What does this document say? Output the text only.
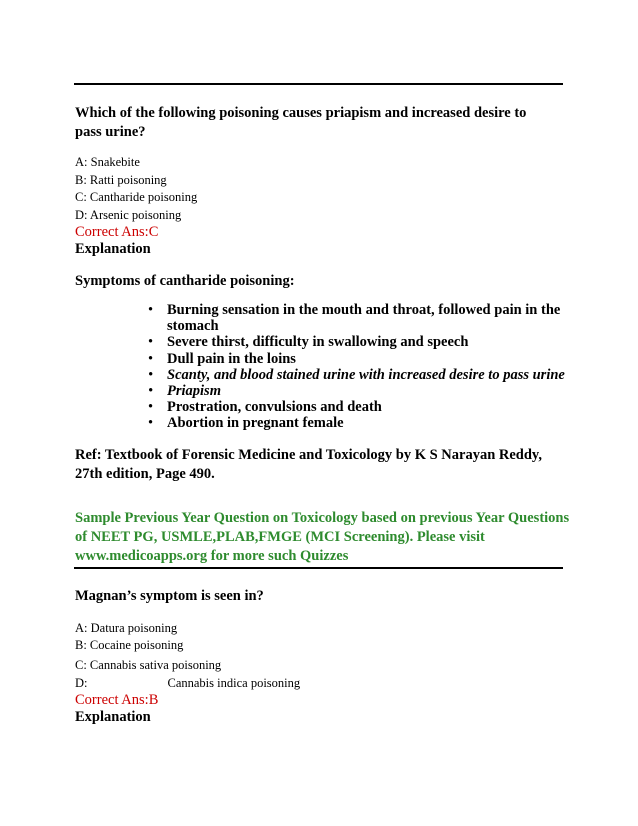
Which of the following poisoning causes priapism and increased desire to pass urine?
A: Snakebite
B: Ratti poisoning
C: Cantharide poisoning
D: Arsenic poisoning
Correct Ans:C
Explanation
Symptoms of cantharide poisoning:
• Burning sensation in the mouth and throat, followed pain in the stomach
• Severe thirst, difficulty in swallowing and speech
• Dull pain in the loins
• Scanty, and blood stained urine with increased desire to pass urine
• Priapism
• Prostration, convulsions and death
• Abortion in pregnant female
Ref: Textbook of Forensic Medicine and Toxicology by K S Narayan Reddy, 27th edition, Page 490.
Sample Previous Year Question on Toxicology based on previous Year Questions of NEET PG, USMLE,PLAB,FMGE (MCI Screening). Please visit www.medicoapps.org for more such Quizzes
Magnan’s symptom is seen in?
A: Datura poisoning
B: Cocaine poisoning
C: Cannabis sativa poisoning
D:	Cannabis indica poisoning
Correct Ans:B
Explanation
